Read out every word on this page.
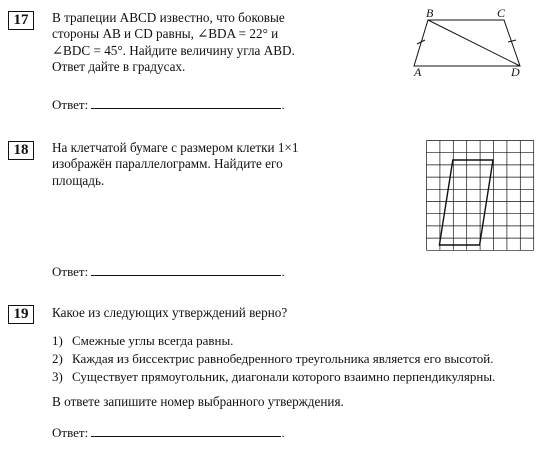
17	В трапеции ABCD известно, что боковые
стороны AB и CD равны, ∠BDA = 22° и
∠BDC = 45°. Найдите величину угла ABD.
Ответ дайте в градусах.
B	C
A	D
Ответ:	.
18	На клетчатой бумаге с размером клетки 1×1
изображён параллелограмм. Найдите его
площадь.
Ответ:	.
19	Какое из следующих утверждений верно?
1) Смежные углы всегда равны.
2) Каждая из биссектрис равнобедренного треугольника является его высотой.
3) Существует прямоугольник, диагонали которого взаимно перпендикулярны.
В ответе запишите номер выбранного утверждения.
Ответ:	.
